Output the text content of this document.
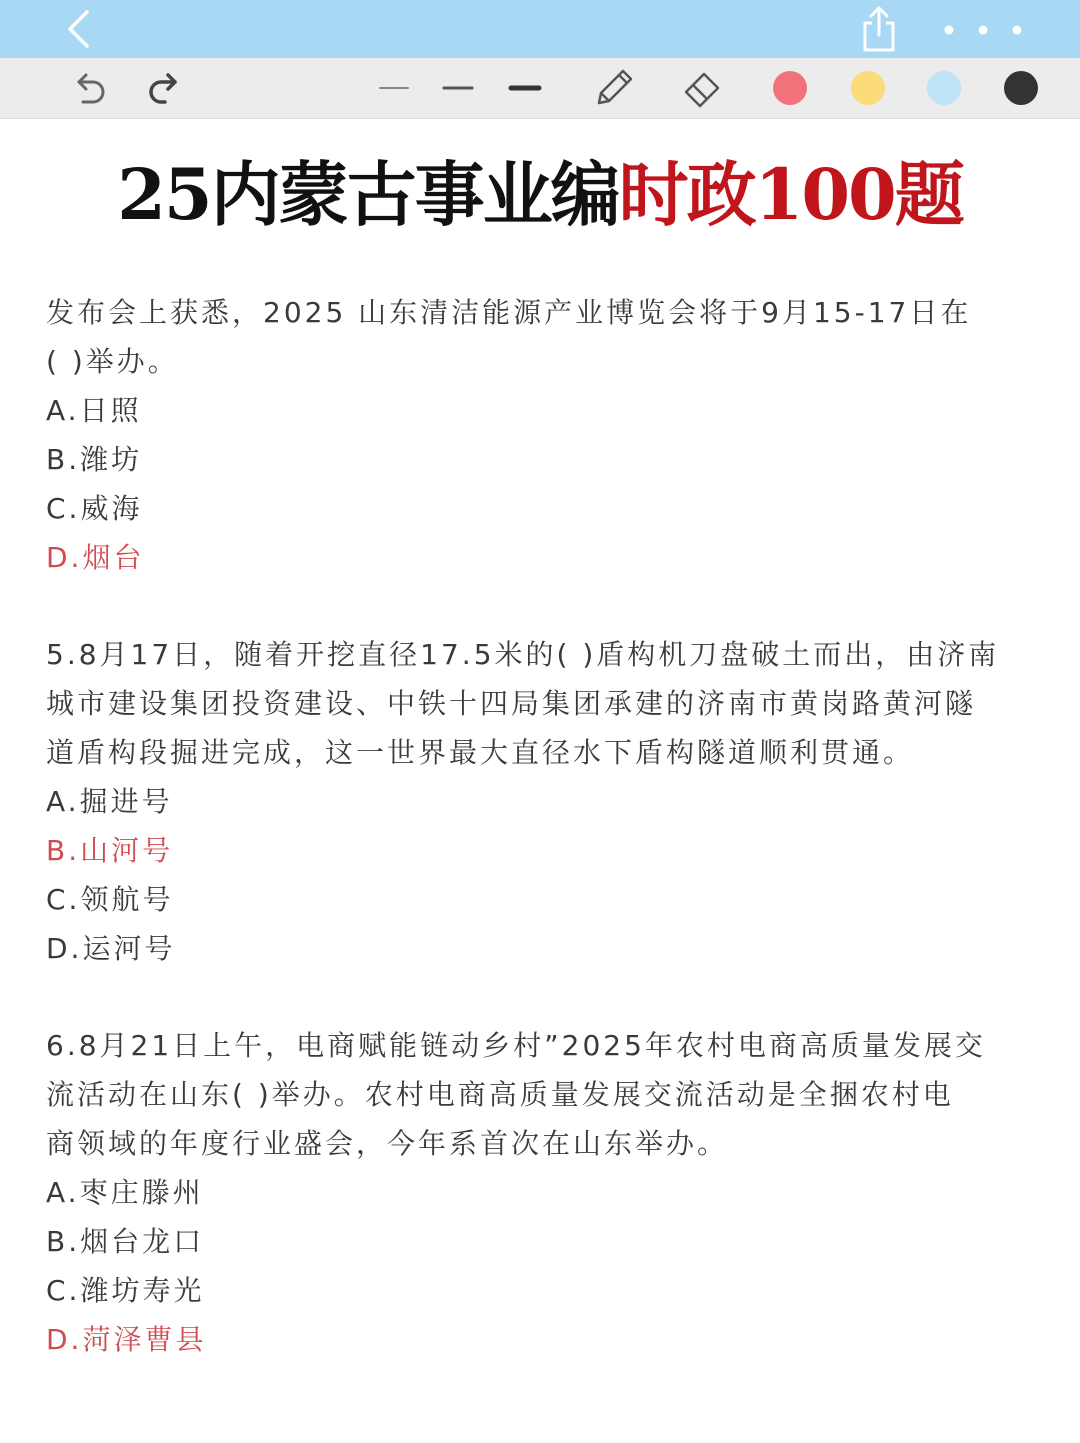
25内蒙古事业编时政100题
发布会上获悉，2025 山东清洁能源产业博览会将于9月15-17日在
( )举办。
A.日照
B.潍坊
C.威海
D.烟台
5.8月17日，随着开挖直径17.5米的( )盾构机刀盘破土而出，由济南
城市建设集团投资建设、中铁十四局集团承建的济南市黄岗路黄河隧
道盾构段掘进完成，这一世界最大直径水下盾构隧道顺利贯通。
A.掘进号
B.山河号
C.领航号
D.运河号
6.8月21日上午，电商赋能链动乡村”2025年农村电商高质量发展交
流活动在山东( )举办。农村电商高质量发展交流活动是全捆农村电
商领域的年度行业盛会，今年系首次在山东举办。
A.枣庄滕州
B.烟台龙口
C.潍坊寿光
D.菏泽曹县
